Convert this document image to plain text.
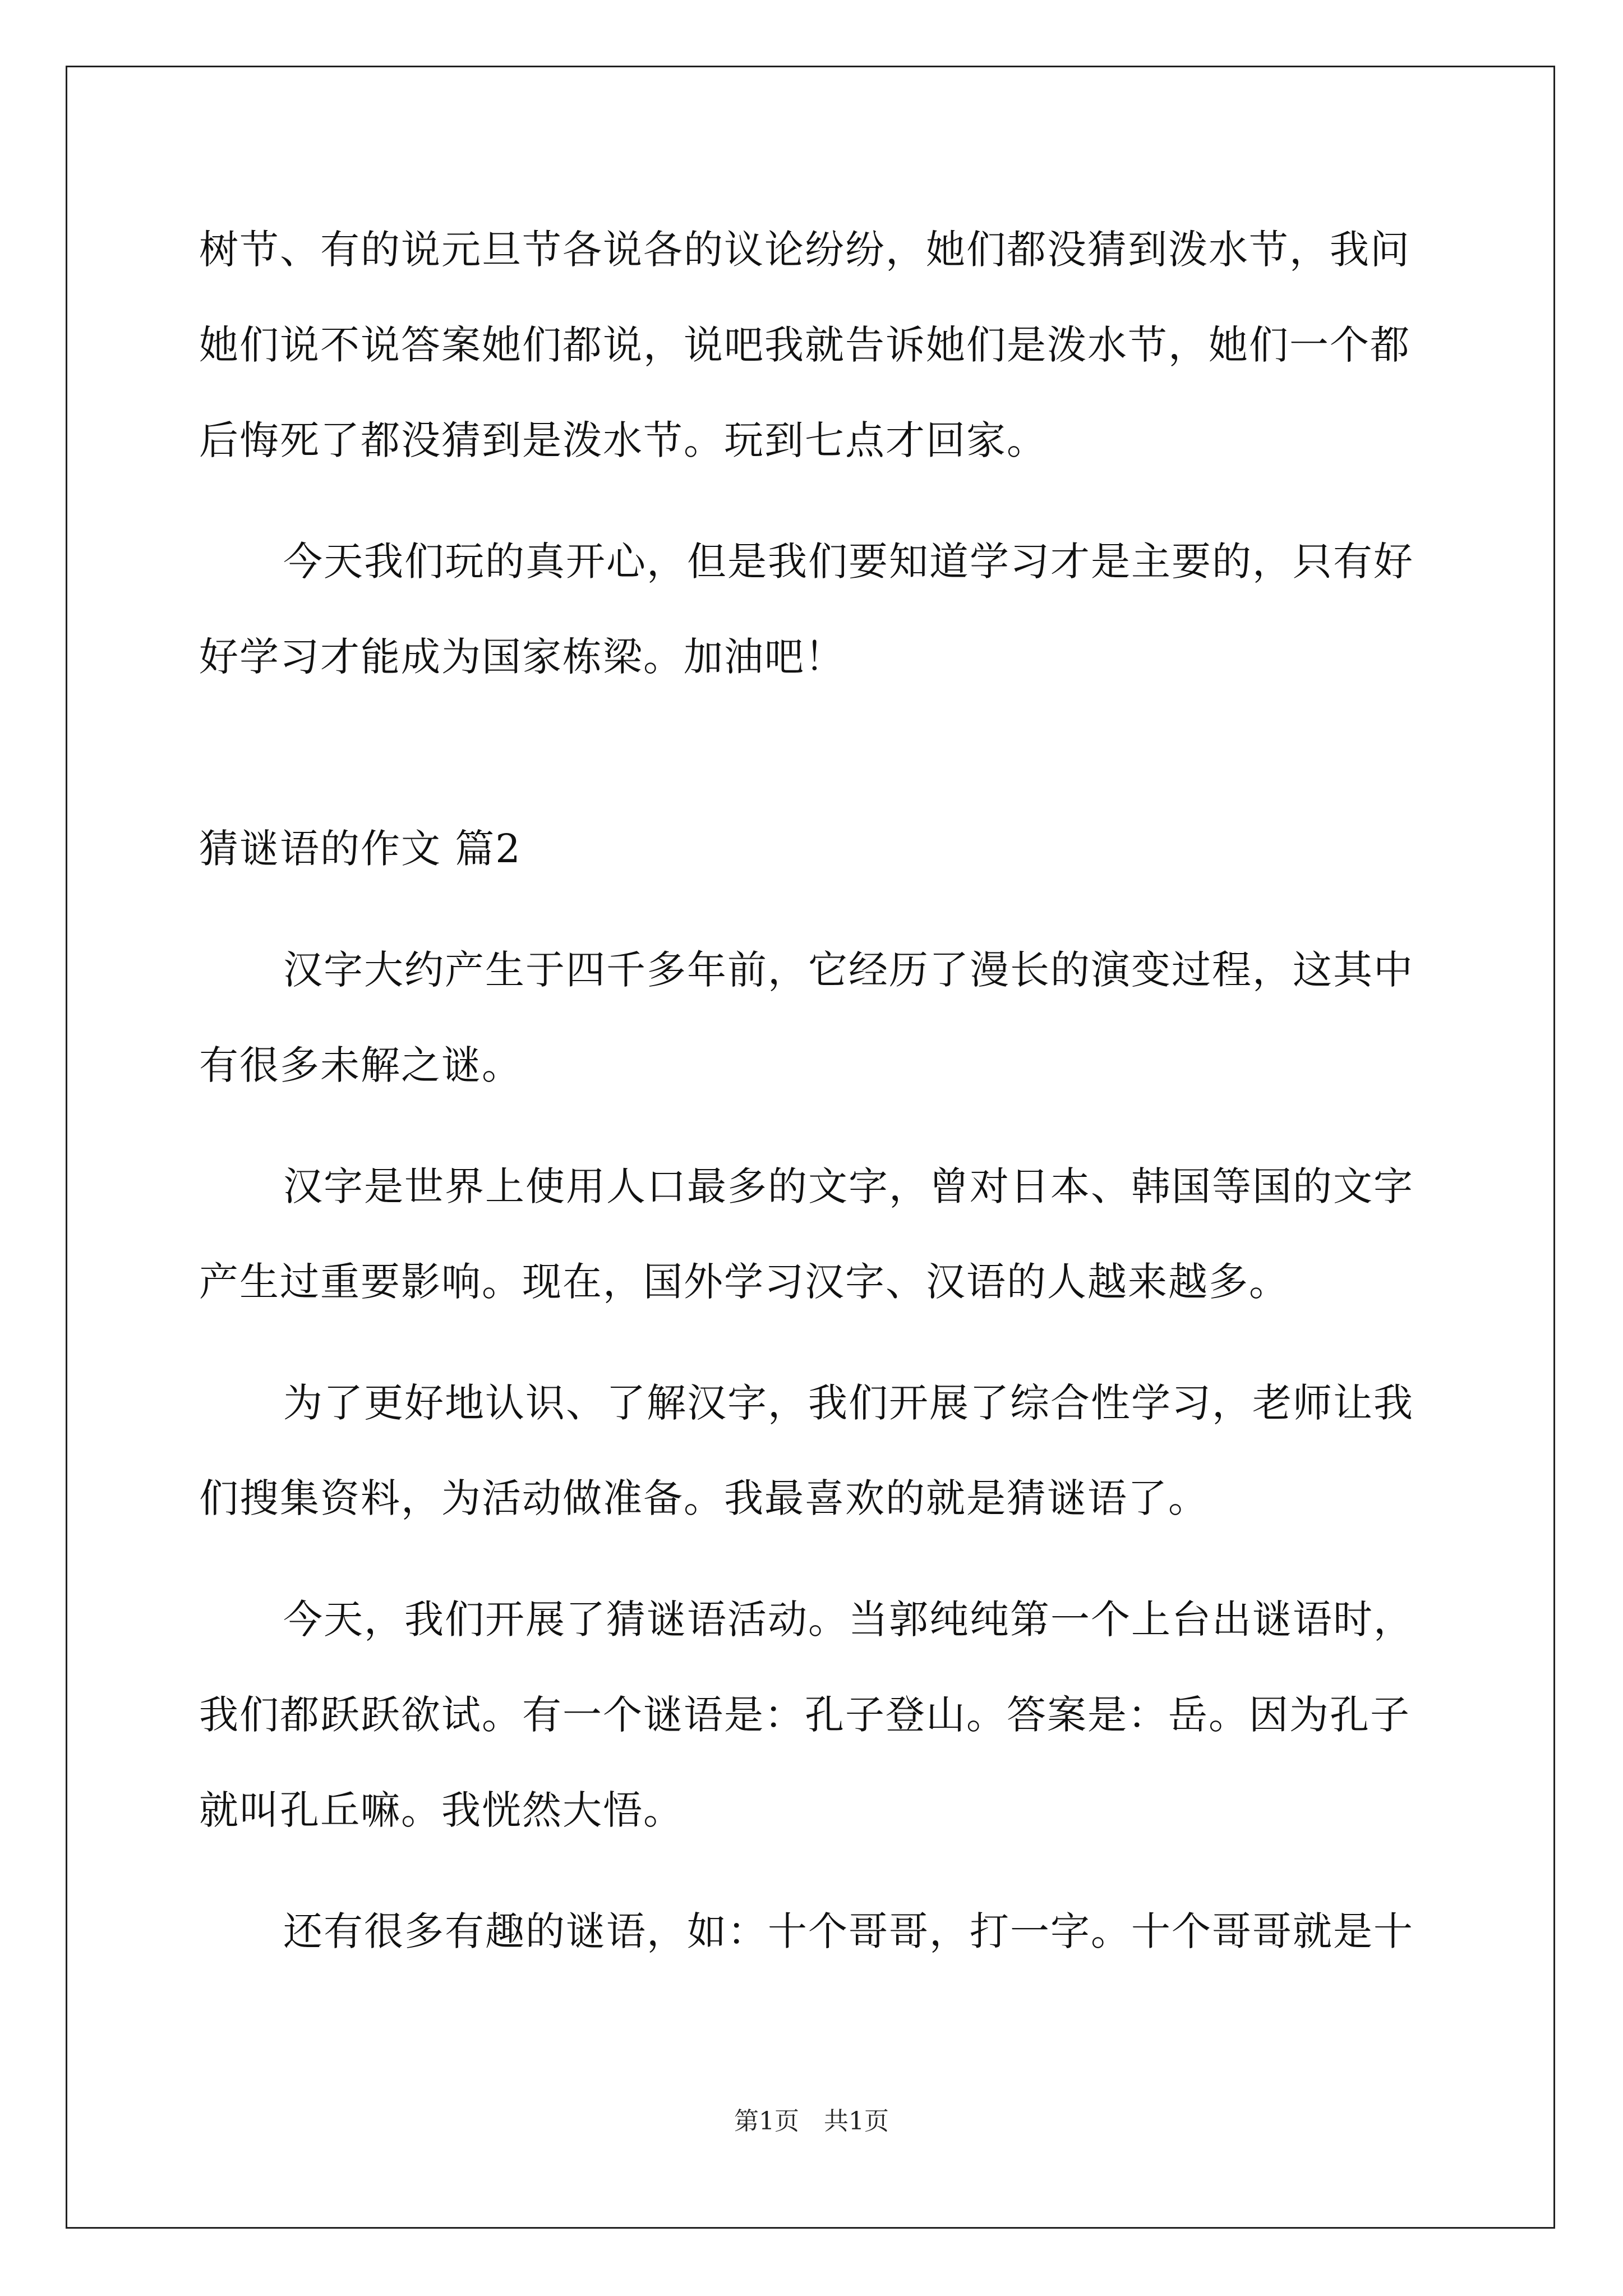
树节、有的说元旦节各说各的议论纷纷，她们都没猜到泼水节，我问
她们说不说答案她们都说，说吧我就告诉她们是泼水节，她们一个都
后悔死了都没猜到是泼水节。玩到七点才回家。

今天我们玩的真开心，但是我们要知道学习才是主要的，只有好
好学习才能成为国家栋梁。加油吧！

猜谜语的作文 篇2

汉字大约产生于四千多年前，它经历了漫长的演变过程，这其中
有很多未解之谜。

汉字是世界上使用人口最多的文字，曾对日本、韩国等国的文字
产生过重要影响。现在，国外学习汉字、汉语的人越来越多。

为了更好地认识、了解汉字，我们开展了综合性学习，老师让我
们搜集资料，为活动做准备。我最喜欢的就是猜谜语了。

今天，我们开展了猜谜语活动。当郭纯纯第一个上台出谜语时，
我们都跃跃欲试。有一个谜语是：孔子登山。答案是：岳。因为孔子
就叫孔丘嘛。我恍然大悟。

还有很多有趣的谜语，如：十个哥哥，打一字。十个哥哥就是十

第1页　共1页
